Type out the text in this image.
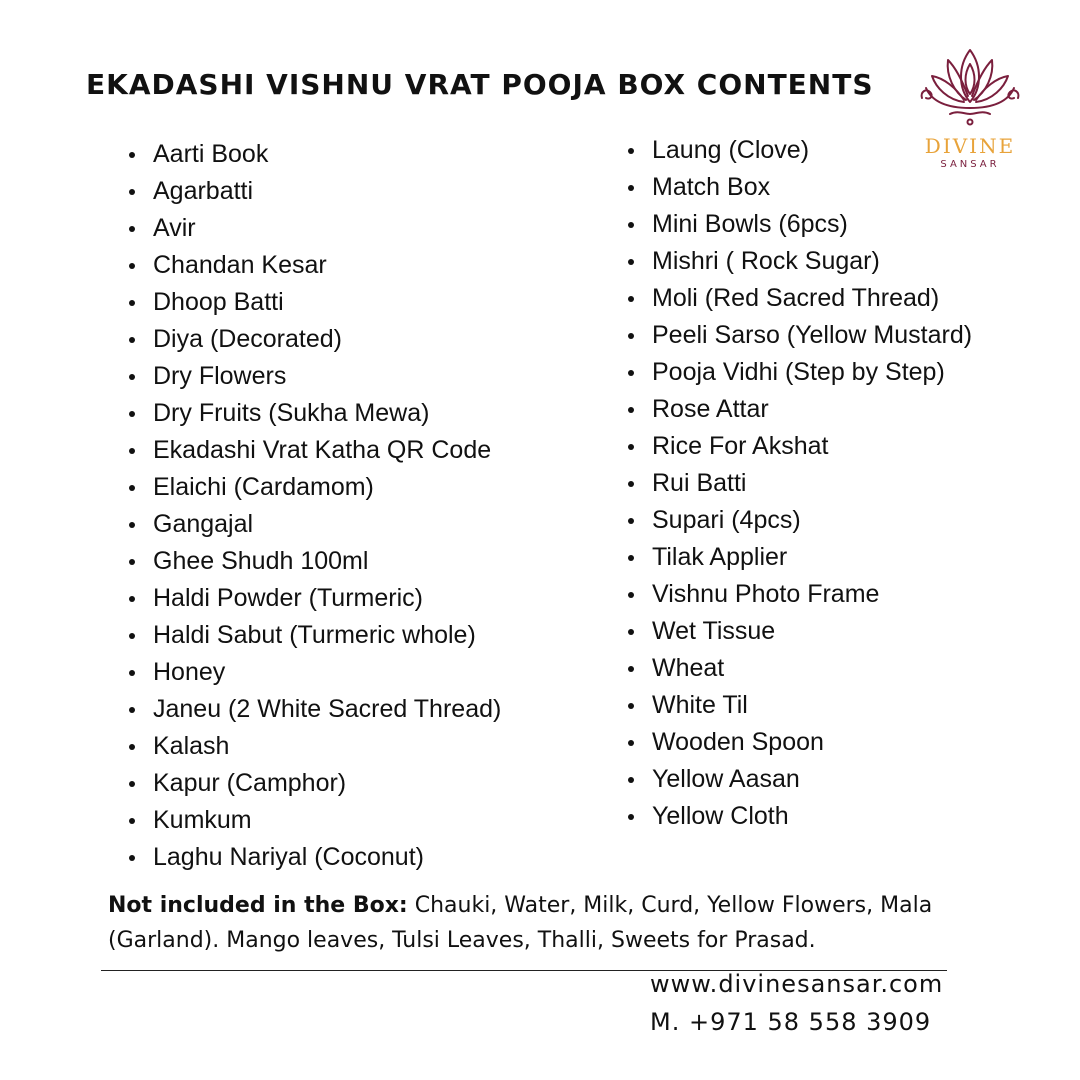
EKADASHI VISHNU VRAT POOJA BOX CONTENTS
DIVINE
SANSAR
Aarti Book
Agarbatti
Avir
Chandan Kesar
Dhoop Batti
Diya (Decorated)
Dry Flowers
Dry Fruits (Sukha Mewa)
Ekadashi Vrat Katha QR Code
Elaichi (Cardamom)
Gangajal
Ghee Shudh 100ml
Haldi Powder (Turmeric)
Haldi Sabut (Turmeric whole)
Honey
Janeu (2 White Sacred Thread)
Kalash
Kapur (Camphor)
Kumkum
Laghu Nariyal (Coconut)
Laung (Clove)
Match Box
Mini Bowls (6pcs)
Mishri ( Rock Sugar)
Moli (Red Sacred Thread)
Peeli Sarso (Yellow Mustard)
Pooja Vidhi (Step by Step)
Rose Attar
Rice For Akshat
Rui Batti
Supari (4pcs)
Tilak Applier
Vishnu Photo Frame
Wet Tissue
Wheat
White Til
Wooden Spoon
Yellow Aasan
Yellow Cloth

Not included in the Box: Chauki, Water, Milk, Curd, Yellow Flowers, Mala (Garland). Mango leaves, Tulsi Leaves, Thalli, Sweets for Prasad.

www.divinesansar.com
M. +971 58 558 3909
